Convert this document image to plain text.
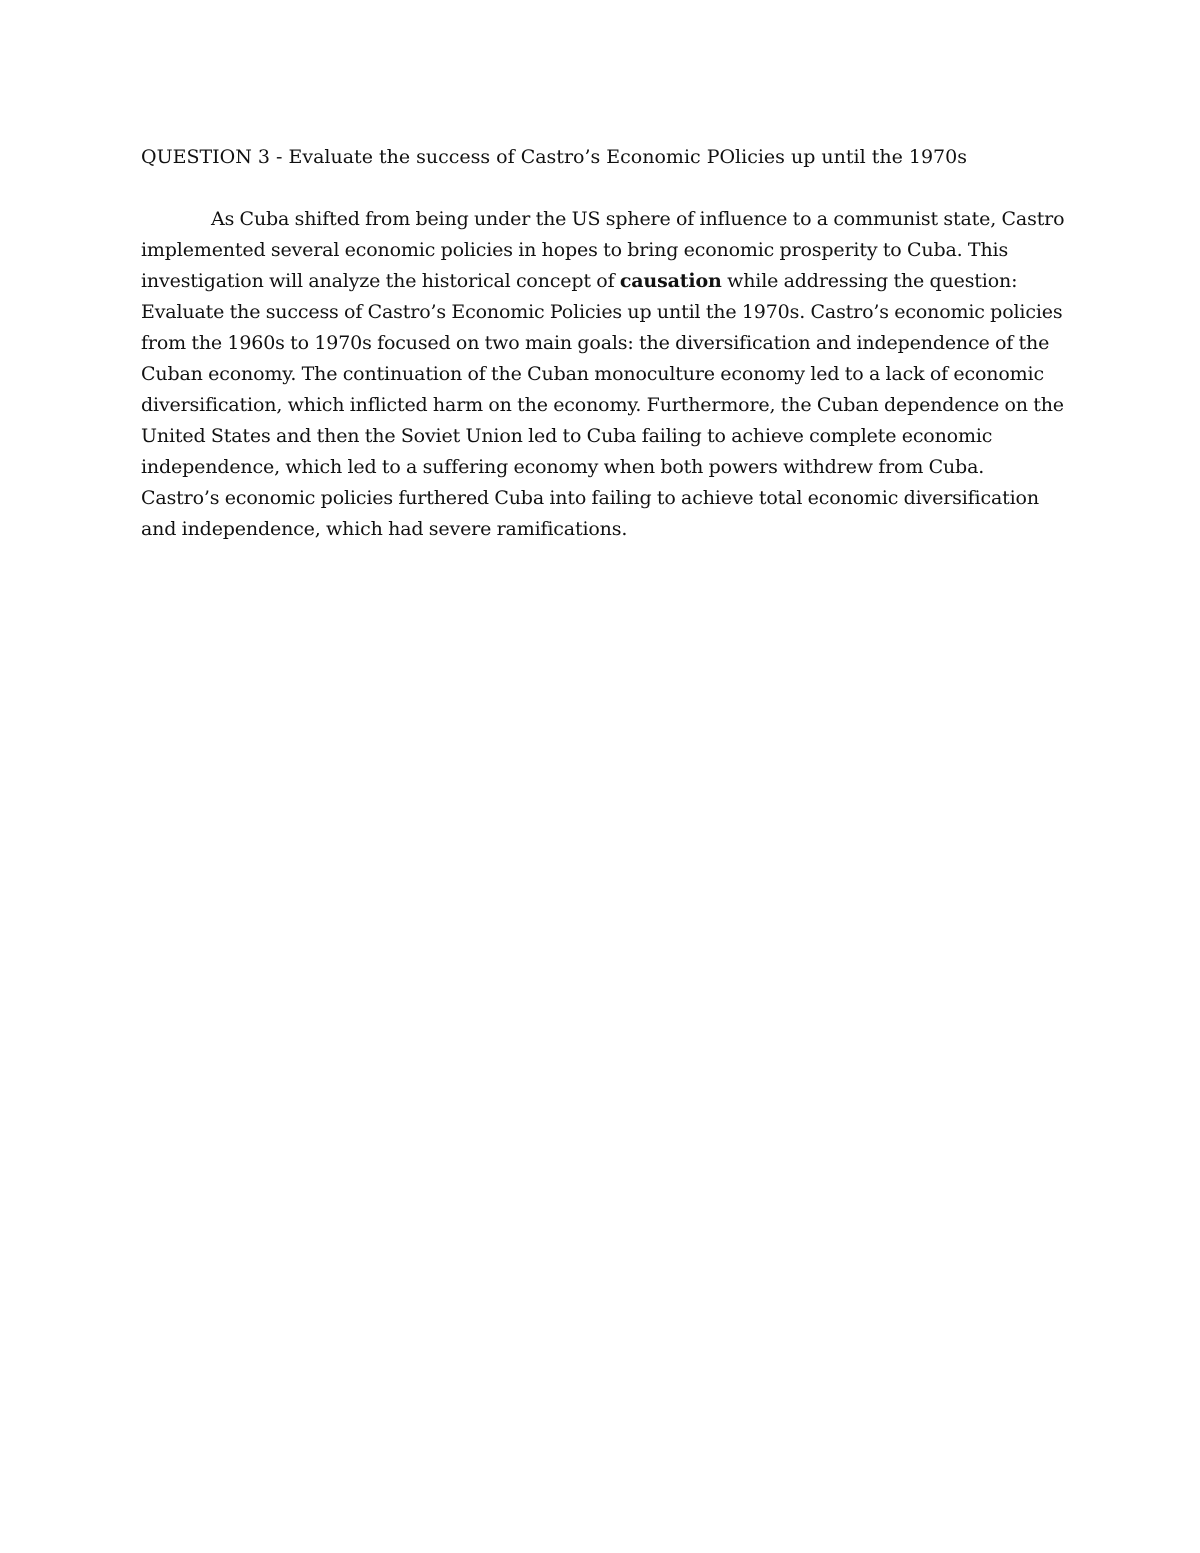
QUESTION 3 - Evaluate the success of Castro’s Economic POlicies up until the 1970s

As Cuba shifted from being under the US sphere of influence to a communist state, Castro implemented several economic policies in hopes to bring economic prosperity to Cuba. This investigation will analyze the historical concept of causation while addressing the question: Evaluate the success of Castro’s Economic Policies up until the 1970s. Castro’s economic policies from the 1960s to 1970s focused on two main goals: the diversification and independence of the Cuban economy. The continuation of the Cuban monoculture economy led to a lack of economic diversification, which inflicted harm on the economy. Furthermore, the Cuban dependence on the United States and then the Soviet Union led to Cuba failing to achieve complete economic independence, which led to a suffering economy when both powers withdrew from Cuba. Castro’s economic policies furthered Cuba into failing to achieve total economic diversification and independence, which had severe ramifications.
